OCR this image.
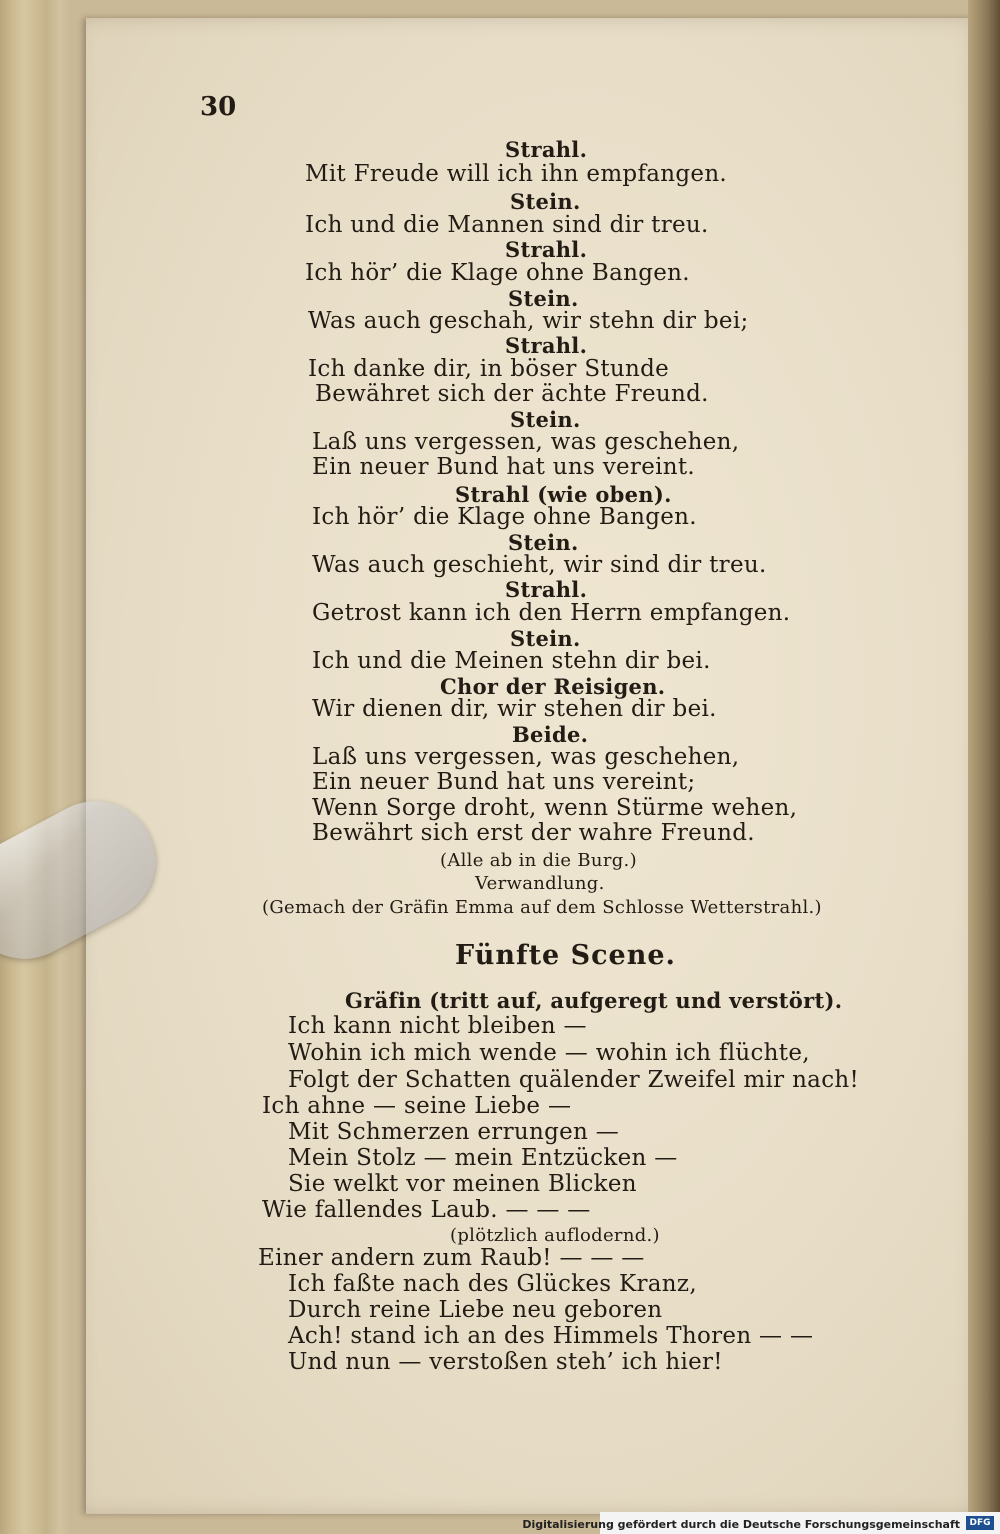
30
Strahl.
Mit Freude will ich ihn empfangen.
Stein.
Ich und die Mannen sind dir treu.
Strahl.
Ich hör’ die Klage ohne Bangen.
Stein.
Was auch geschah, wir stehn dir bei;
Strahl.
Ich danke dir, in böser Stunde
Bewähret sich der ächte Freund.
Stein.
Laß uns vergessen, was geschehen,
Ein neuer Bund hat uns vereint.
Strahl (wie oben).
Ich hör’ die Klage ohne Bangen.
Stein.
Was auch geschieht, wir sind dir treu.
Strahl.
Getrost kann ich den Herrn empfangen.
Stein.
Ich und die Meinen stehn dir bei.
Chor der Reisigen.
Wir dienen dir, wir stehen dir bei.
Beide.
Laß uns vergessen, was geschehen,
Ein neuer Bund hat uns vereint;
Wenn Sorge droht, wenn Stürme wehen,
Bewährt sich erst der wahre Freund.
(Alle ab in die Burg.)
Verwandlung.
(Gemach der Gräfin Emma auf dem Schlosse Wetterstrahl.)
Fünfte Scene.
Gräfin (tritt auf, aufgeregt und verstört).
Ich kann nicht bleiben —
Wohin ich mich wende — wohin ich flüchte,
Folgt der Schatten quälender Zweifel mir nach!
Ich ahne — seine Liebe —
Mit Schmerzen errungen —
Mein Stolz — mein Entzücken —
Sie welkt vor meinen Blicken
Wie fallendes Laub. — — —
(plötzlich auflodernd.)
Einer andern zum Raub! — — —
Ich faßte nach des Glückes Kranz,
Durch reine Liebe neu geboren
Ach! stand ich an des Himmels Thoren — —
Und nun — verstoßen steh’ ich hier!
Digitalisierung gefördert durch die Deutsche Forschungsgemeinschaft	DFG
